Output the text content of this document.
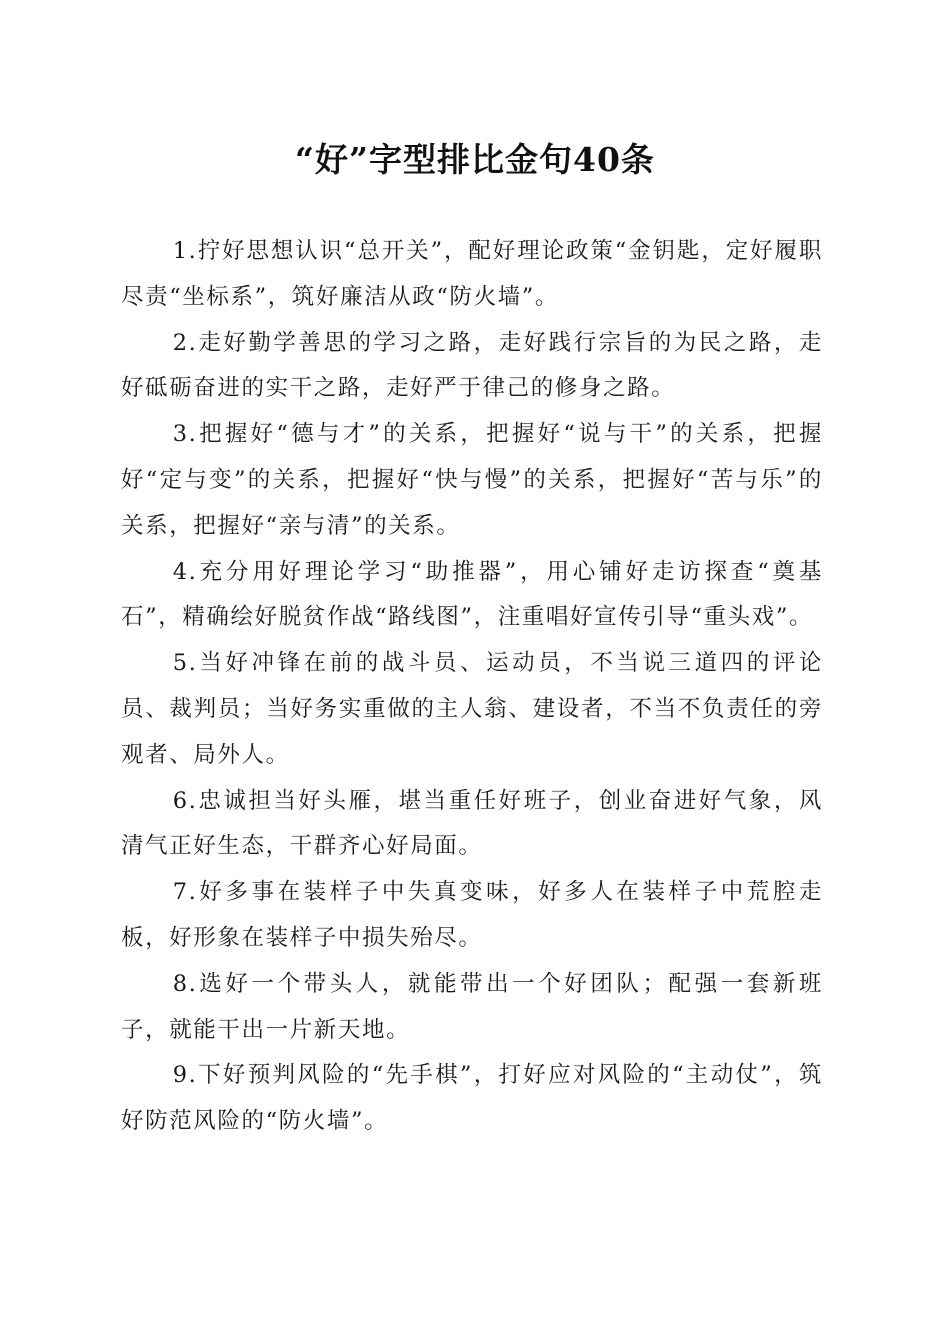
“好”字型排比金句40条

1.拧好思想认识“总开关”，配好理论政策“金钥匙，定好履职尽责“坐标系”，筑好廉洁从政“防火墙”。

2.走好勤学善思的学习之路，走好践行宗旨的为民之路，走好砥砺奋进的实干之路，走好严于律己的修身之路。

3.把握好“德与才”的关系，把握好“说与干”的关系，把握好“定与变”的关系，把握好“快与慢”的关系，把握好“苦与乐”的关系，把握好“亲与清”的关系。

4.充分用好理论学习“助推器”，用心铺好走访探查“奠基石”，精确绘好脱贫作战“路线图”，注重唱好宣传引导“重头戏”。

5.当好冲锋在前的战斗员、运动员，不当说三道四的评论员、裁判员；当好务实重做的主人翁、建设者，不当不负责任的旁观者、局外人。

6.忠诚担当好头雁，堪当重任好班子，创业奋进好气象，风清气正好生态，干群齐心好局面。

7.好多事在装样子中失真变味，好多人在装样子中荒腔走板，好形象在装样子中损失殆尽。

8.选好一个带头人，就能带出一个好团队；配强一套新班子，就能干出一片新天地。

9.下好预判风险的“先手棋”，打好应对风险的“主动仗”，筑好防范风险的“防火墙”。
